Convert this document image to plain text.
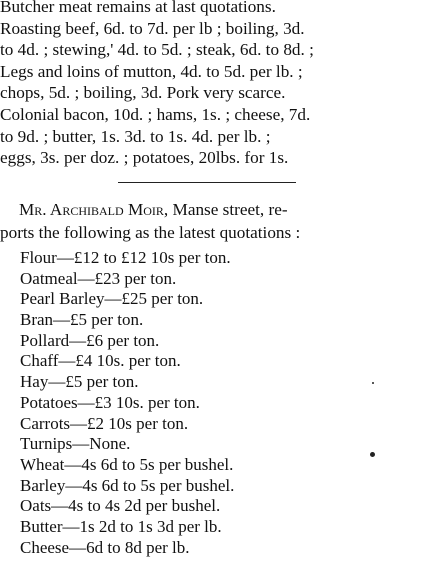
Butcher meat remains at last quotations.
Roasting beef, 6d. to 7d. per lb ; boiling, 3d.
to 4d. ; stewing,' 4d. to 5d. ; steak, 6d. to 8d. ;
Legs and loins of mutton, 4d. to 5d. per lb. ;
chops, 5d. ; boiling, 3d. Pork very scarce.
Colonial bacon, 10d. ; hams, 1s. ; cheese, 7d.
to 9d. ; butter, 1s. 3d. to 1s. 4d. per lb. ;
eggs, 3s. per doz. ; potatoes, 20lbs. for 1s.
Mr. Archibald Moir, Manse street, re-
ports the following as the latest quotations :
Flour—£12 to £12 10s per ton.
Oatmeal—£23 per ton.
Pearl Barley—£25 per ton.
Bran—£5 per ton.
Pollard—£6 per ton.
Chaff—£4 10s. per ton.
Hay—£5 per ton.
Potatoes—£3 10s. per ton.
Carrots—£2 10s per ton.
Turnips—None.
Wheat—4s 6d to 5s per bushel.
Barley—4s 6d to 5s per bushel.
Oats—4s to 4s 2d per bushel.
Butter—1s 2d to 1s 3d per lb.
Cheese—6d to 8d per lb.
